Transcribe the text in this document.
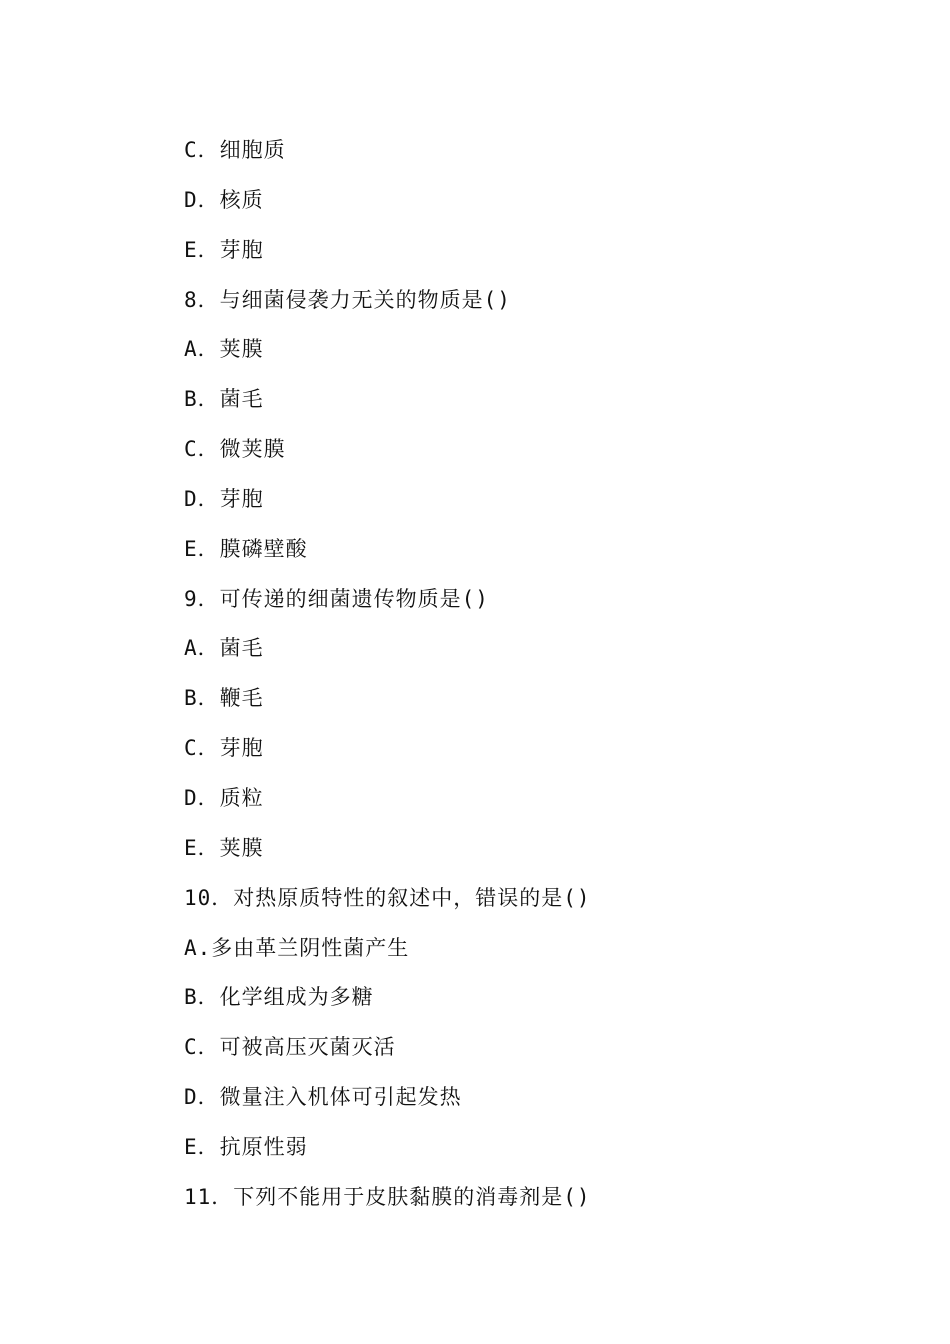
C．细胞质
D．核质
E．芽胞
8．与细菌侵袭力无关的物质是()
A．荚膜
B．菌毛
C．微荚膜
D．芽胞
E．膜磷壁酸
9．可传递的细菌遗传物质是()
A．菌毛
B．鞭毛
C．芽胞
D．质粒
E．荚膜
10．对热原质特性的叙述中，错误的是()
A.多由革兰阴性菌产生
B．化学组成为多糖
C．可被高压灭菌灭活
D．微量注入机体可引起发热
E．抗原性弱
11．下列不能用于皮肤黏膜的消毒剂是()
